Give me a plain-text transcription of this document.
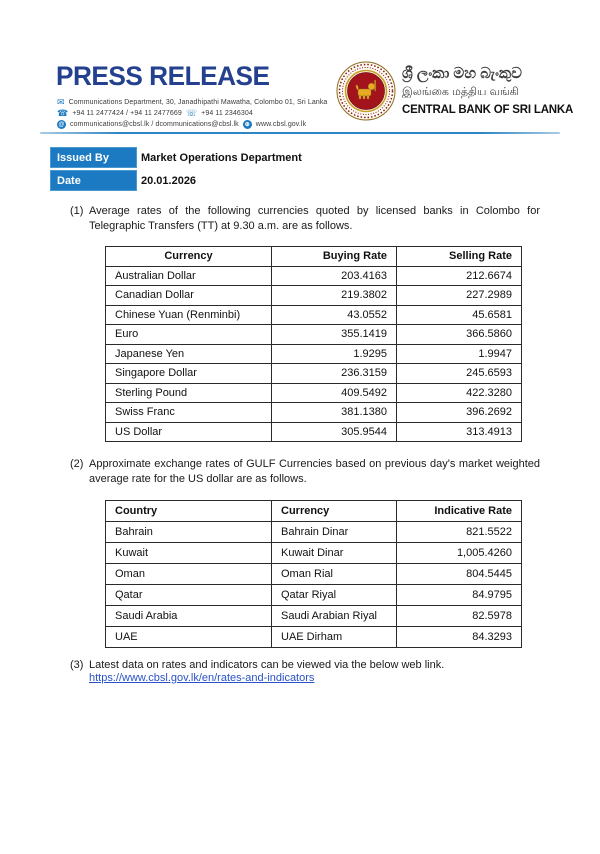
PRESS RELEASE
✉ Communications Department, 30, Janadhipathi Mawatha, Colombo 01, Sri Lanka
☎ +94 11 2477424 / +94 11 2477669 ☏ +94 11 2346304
@ communications@cbsl.lk / dcommunications@cbsl.lk ⊕ www.cbsl.gov.lk
ශ්‍රී ලංකා මහ බැංකුව
இலங்கை மத்திய வங்கி
CENTRAL BANK OF SRI LANKA
Issued By	Market Operations Department
Date	20.01.2026
(1) Average rates of the following currencies quoted by licensed banks in Colombo for Telegraphic Transfers (TT) at 9.30 a.m. are as follows.
Currency	Buying Rate	Selling Rate
Australian Dollar	203.4163	212.6674
Canadian Dollar	219.3802	227.2989
Chinese Yuan (Renminbi)	43.0552	45.6581
Euro	355.1419	366.5860
Japanese Yen	1.9295	1.9947
Singapore Dollar	236.3159	245.6593
Sterling Pound	409.5492	422.3280
Swiss Franc	381.1380	396.2692
US Dollar	305.9544	313.4913
(2) Approximate exchange rates of GULF Currencies based on previous day's market weighted average rate for the US dollar are as follows.
Country	Currency	Indicative Rate
Bahrain	Bahrain Dinar	821.5522
Kuwait	Kuwait Dinar	1,005.4260
Oman	Oman Rial	804.5445
Qatar	Qatar Riyal	84.9795
Saudi Arabia	Saudi Arabian Riyal	82.5978
UAE	UAE Dirham	84.3293
(3) Latest data on rates and indicators can be viewed via the below web link.
https://www.cbsl.gov.lk/en/rates-and-indicators
